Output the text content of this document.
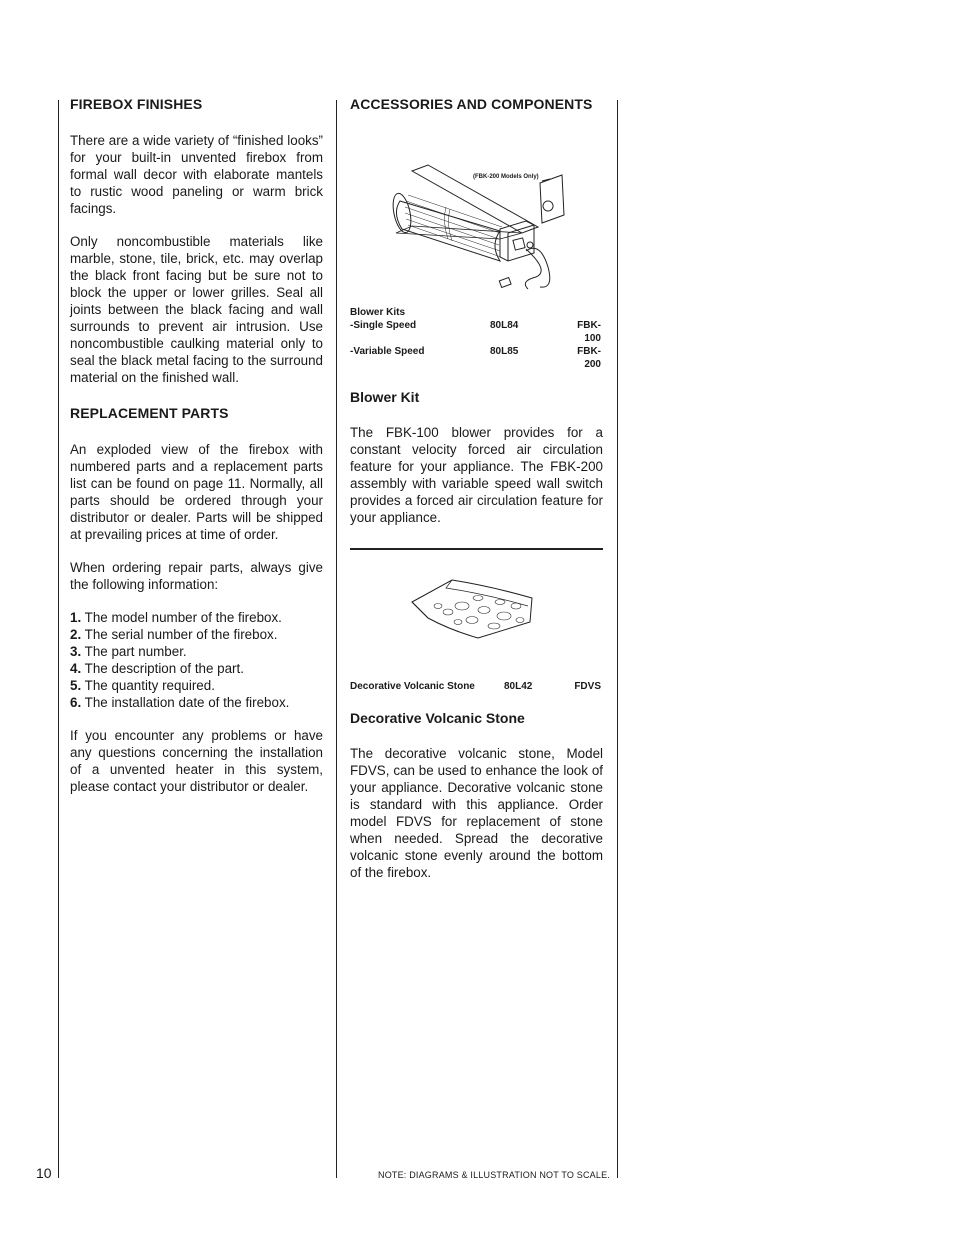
FIREBOX FINISHES

There are a wide variety of “finished looks” for your built-in unvented firebox from formal wall decor with elaborate mantels to rustic wood paneling or warm brick facings.

Only noncombustible materials like marble, stone, tile, brick, etc. may overlap the black front facing but be sure not to block the upper or lower grilles. Seal all joints between the black facing and wall surrounds to prevent air intrusion. Use noncombustible caulking material only to seal the black metal facing to the surround material on the finished wall.

REPLACEMENT PARTS

An exploded view of the firebox with numbered parts and a replacement parts list can be found on page 11. Normally, all parts should be ordered through your distributor or dealer. Parts will be shipped at prevailing prices at time of order.

When ordering repair parts, always give the following information:

1. The model number of the firebox.
2. The serial number of the firebox.
3. The part number.
4. The description of the part.
5. The quantity required.
6. The installation date of the firebox.

If you encounter any problems or have any questions concerning the installation of a unvented heater in this system, please contact your distributor or dealer.

ACCESSORIES AND COMPONENTS
(FBK-200 Models Only)
Blower Kits
-Single Speed	80L84	FBK-100
-Variable Speed	80L85	FBK-200
Blower Kit

The FBK-100 blower provides for a constant velocity forced air circulation feature for your appliance. The FBK-200 assembly with variable speed wall switch provides a forced air circulation feature for your appliance.

Decorative Volcanic Stone	80L42	FDVS
Decorative Volcanic Stone

The decorative volcanic stone, Model FDVS, can be used to enhance the look of your appliance. Decorative volcanic stone is standard with this appliance. Order model FDVS for replacement of stone when needed. Spread the decorative volcanic stone evenly around the bottom of the firebox.

10	NOTE: DIAGRAMS & ILLUSTRATION NOT TO SCALE.
